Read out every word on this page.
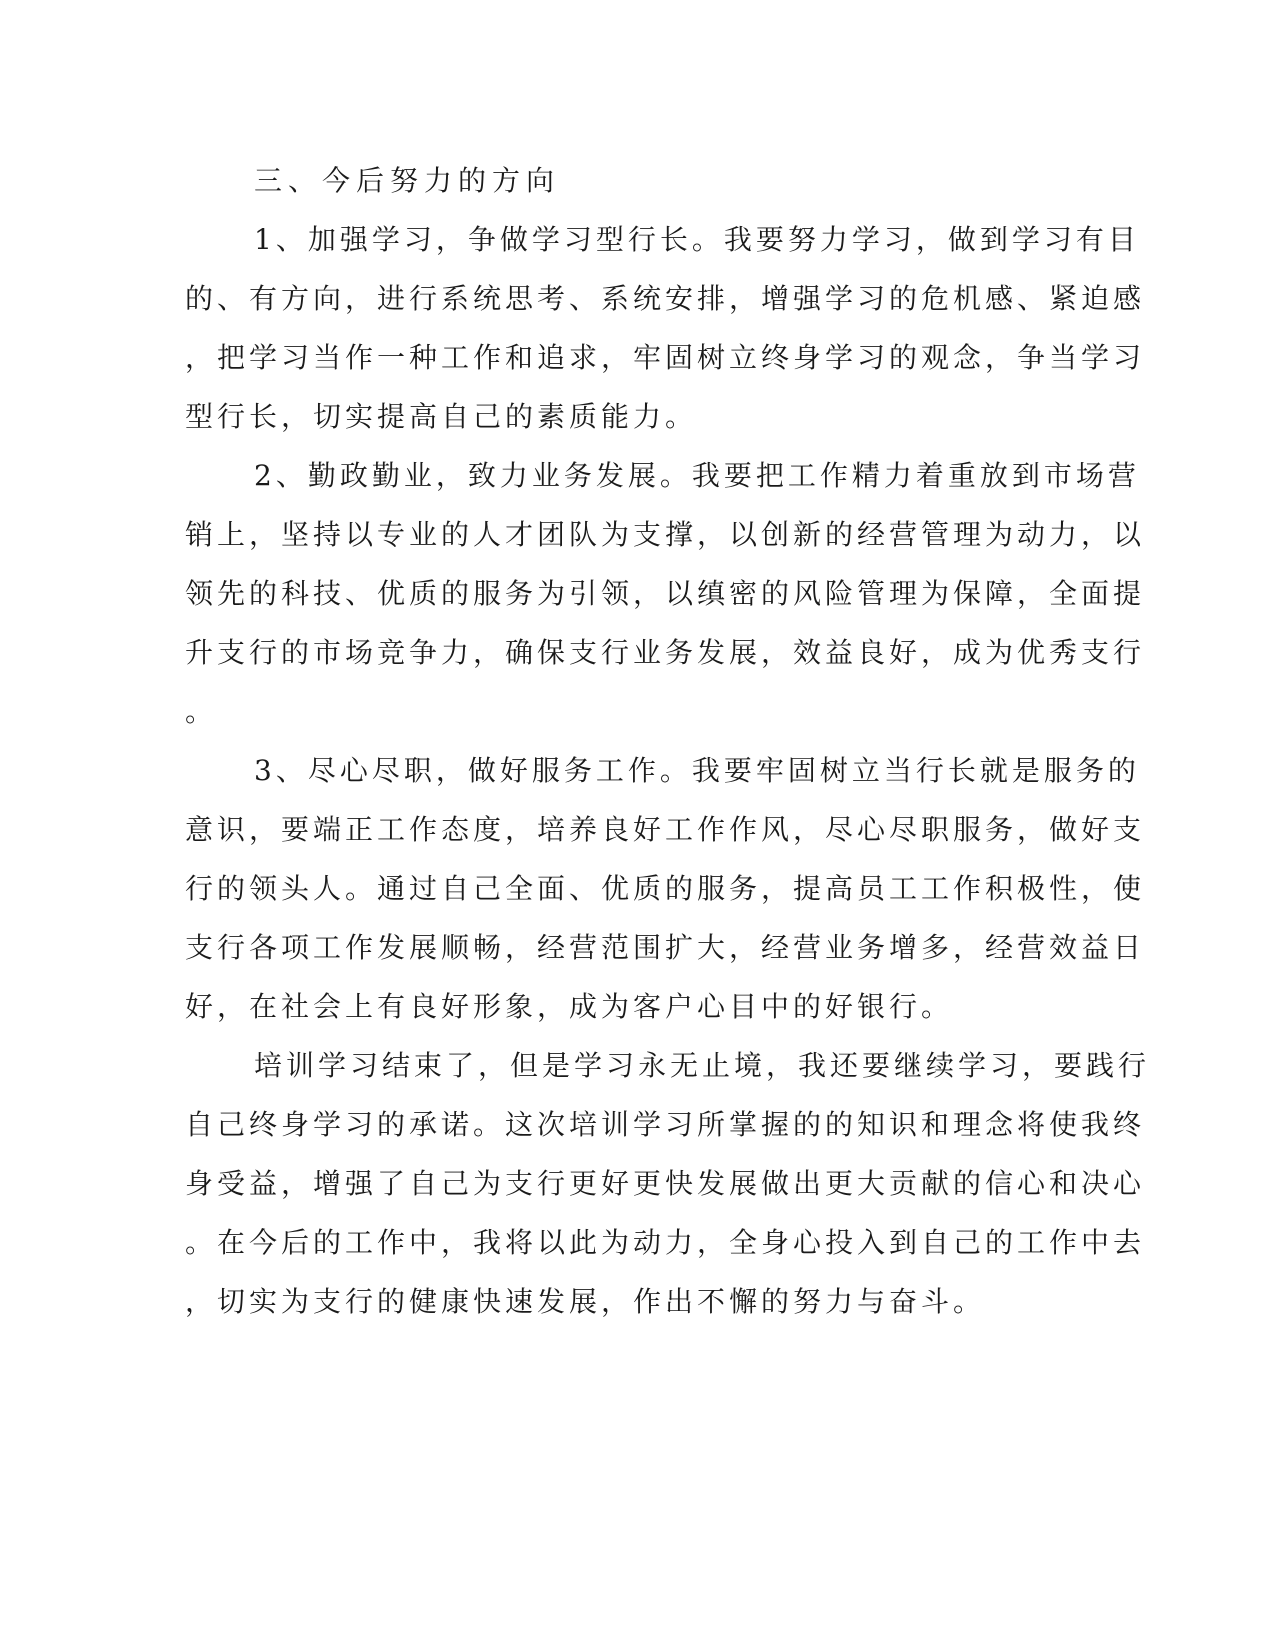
三、今后努力的方向

1、加强学习，争做学习型行长。我要努力学习，做到学习有目

的、有方向，进行系统思考、系统安排，增强学习的危机感、紧迫感

，把学习当作一种工作和追求，牢固树立终身学习的观念，争当学习

型行长，切实提高自己的素质能力。

2、勤政勤业，致力业务发展。我要把工作精力着重放到市场营

销上，坚持以专业的人才团队为支撑，以创新的经营管理为动力，以

领先的科技、优质的服务为引领，以缜密的风险管理为保障，全面提

升支行的市场竞争力，确保支行业务发展，效益良好，成为优秀支行

。

3、尽心尽职，做好服务工作。我要牢固树立当行长就是服务的

意识，要端正工作态度，培养良好工作作风，尽心尽职服务，做好支

行的领头人。通过自己全面、优质的服务，提高员工工作积极性，使

支行各项工作发展顺畅，经营范围扩大，经营业务增多，经营效益日

好，在社会上有良好形象，成为客户心目中的好银行。

培训学习结束了，但是学习永无止境，我还要继续学习，要践行

自己终身学习的承诺。这次培训学习所掌握的的知识和理念将使我终

身受益，增强了自己为支行更好更快发展做出更大贡献的信心和决心

。在今后的工作中，我将以此为动力，全身心投入到自己的工作中去

，切实为支行的健康快速发展，作出不懈的努力与奋斗。
